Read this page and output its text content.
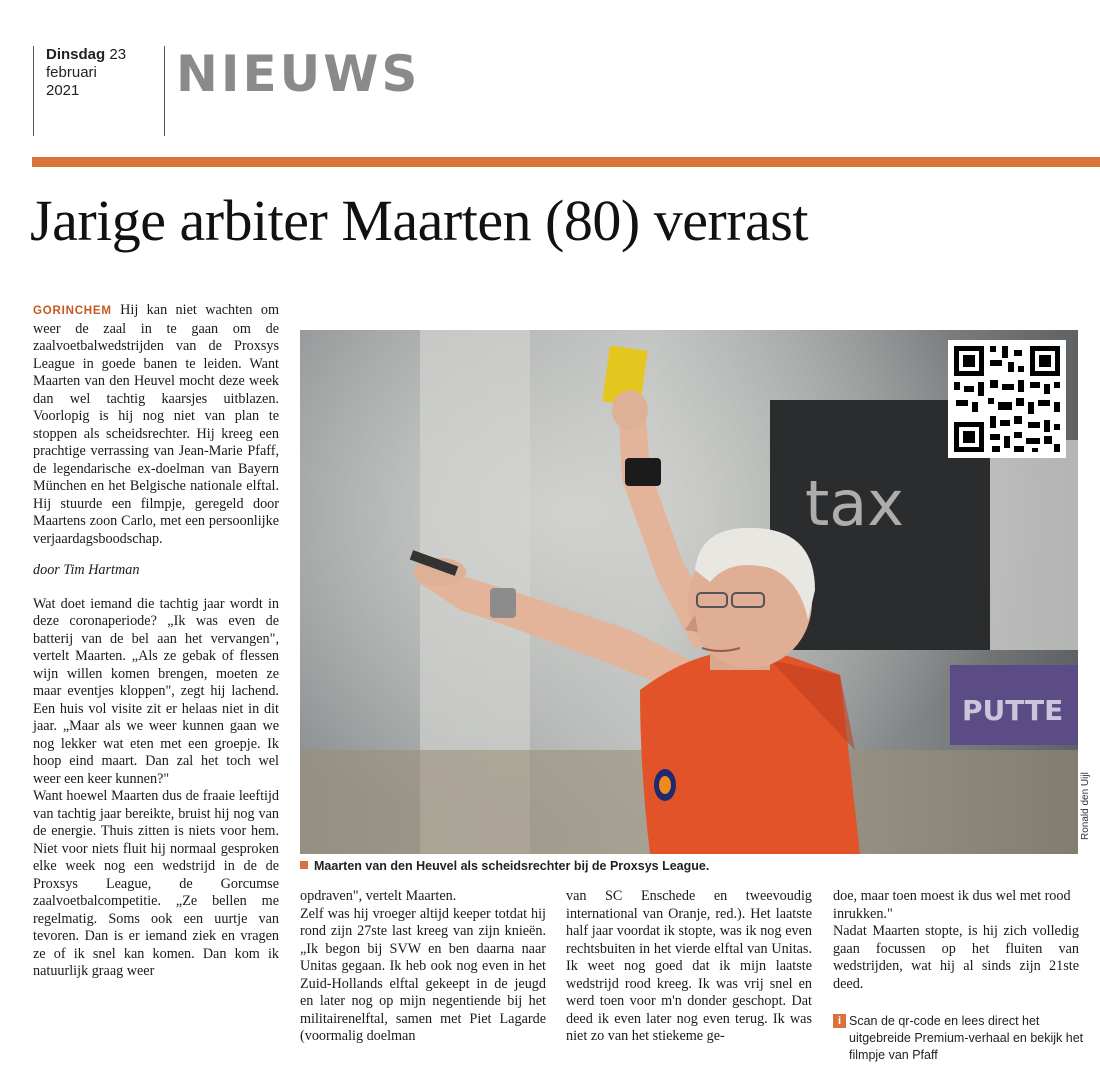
Dinsdag 23
februari
2021	NIEUWS
Jarige arbiter Maarten (80) verrast

GORINCHEM Hij kan niet wachten om weer de zaal in te gaan om de zaalvoetbalwedstrijden van de Proxsys League in goede banen te leiden. Want Maarten van den Heuvel mocht deze week dan wel tachtig kaarsjes uitblazen. Voorlopig is hij nog niet van plan te stoppen als scheidsrechter. Hij kreeg een prachtige verrassing van Jean-Marie Pfaff, de legendarische ex-doelman van Bayern München en het Belgische nationale elftal. Hij stuurde een filmpje, geregeld door Maartens zoon Carlo, met een persoonlijke verjaardagsboodschap.

door Tim Hartman

Wat doet iemand die tachtig jaar wordt in deze coronaperiode? „Ik was even de batterij van de bel aan het vervangen", vertelt Maarten. „Als ze gebak of flessen wijn willen komen brengen, moeten ze maar eventjes kloppen", zegt hij lachend. Een huis vol visite zit er helaas niet in dit jaar. „Maar als we weer kunnen gaan we nog lekker wat eten met een groepje. Ik hoop eind maart. Dan zal het toch wel weer een keer kunnen?"

Want hoewel Maarten dus de fraaie leeftijd van tachtig jaar bereikte, bruist hij nog van de energie. Thuis zitten is niets voor hem. Niet voor niets fluit hij normaal gesproken elke week nog een wedstrijd in de de Proxsys League, de Gorcumse zaalvoetbalcompetitie. „Ze bellen me regelmatig. Soms ook een uurtje van tevoren. Dan is er iemand ziek en vragen ze of ik snel kan komen. Dan kom ik natuurlijk graag weer

tax
PUTTE
Ronald den Uijl
Maarten van den Heuvel als scheidsrechter bij de Proxsys League.

opdraven", vertelt Maarten.

Zelf was hij vroeger altijd keeper totdat hij rond zijn 27ste last kreeg van zijn knieën. „Ik begon bij SVW en ben daarna naar Unitas gegaan. Ik heb ook nog even in het Zuid-Hollands elftal gekeept in de jeugd en later nog op mijn negentiende bij het militairenelftal, samen met Piet Lagarde (voormalig doelman

van SC Enschede en tweevoudig international van Oranje, red.). Het laatste half jaar voordat ik stopte, was ik nog even rechtsbuiten in het vierde elftal van Unitas. Ik weet nog goed dat ik mijn laatste wedstrijd rood kreeg. Ik was vrij snel en werd toen voor m'n donder geschopt. Dat deed ik even later nog even terug. Ik was niet zo van het stiekeme ge-

doe, maar toen moest ik dus wel met rood inrukken."

Nadat Maarten stopte, is hij zich volledig gaan focussen op het fluiten van wedstrijden, wat hij al sinds zijn 21ste deed.

i Scan de qr-code en lees direct het uitgebreide Premium-verhaal en bekijk het filmpje van Pfaff
